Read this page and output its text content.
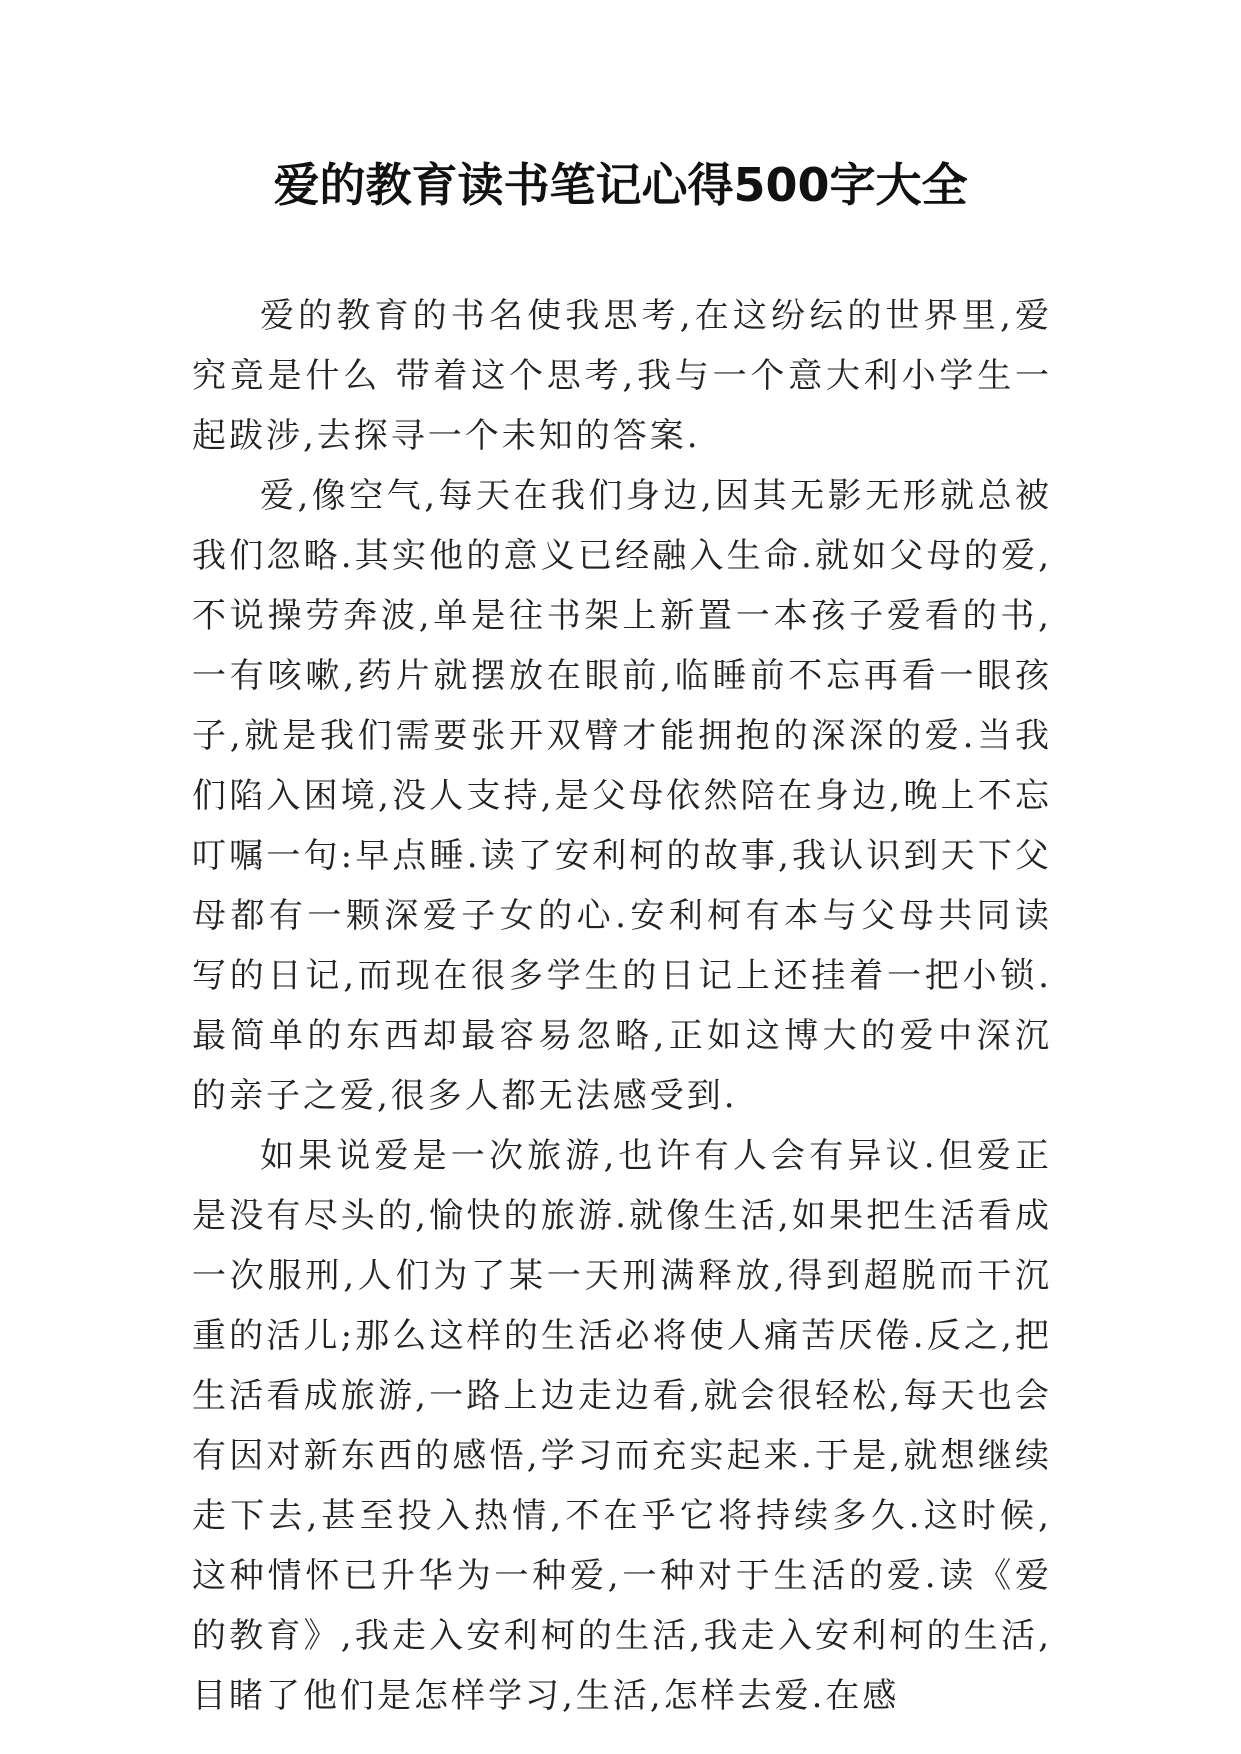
爱的教育读书笔记心得500字大全

爱的教育的书名使我思考,在这纷纭的世界里,爱究竟是什么 带着这个思考,我与一个意大利小学生一起跋涉,去探寻一个未知的答案.

爱,像空气,每天在我们身边,因其无影无形就总被我们忽略.其实他的意义已经融入生命.就如父母的爱,不说操劳奔波,单是往书架上新置一本孩子爱看的书,一有咳嗽,药片就摆放在眼前,临睡前不忘再看一眼孩子,就是我们需要张开双臂才能拥抱的深深的爱.当我们陷入困境,没人支持,是父母依然陪在身边,晚上不忘叮嘱一句:早点睡.读了安利柯的故事,我认识到天下父母都有一颗深爱子女的心.安利柯有本与父母共同读写的日记,而现在很多学生的日记上还挂着一把小锁.最简单的东西却最容易忽略,正如这博大的爱中深沉的亲子之爱,很多人都无法感受到.

如果说爱是一次旅游,也许有人会有异议.但爱正是没有尽头的,愉快的旅游.就像生活,如果把生活看成一次服刑,人们为了某一天刑满释放,得到超脱而干沉重的活儿;那么这样的生活必将使人痛苦厌倦.反之,把生活看成旅游,一路上边走边看,就会很轻松,每天也会有因对新东西的感悟,学习而充实起来.于是,就想继续走下去,甚至投入热情,不在乎它将持续多久.这时候,这种情怀已升华为一种爱,一种对于生活的爱.读《爱的教育》,我走入安利柯的生活,我走入安利柯的生活,目睹了他们是怎样学习,生活,怎样去爱.在感
